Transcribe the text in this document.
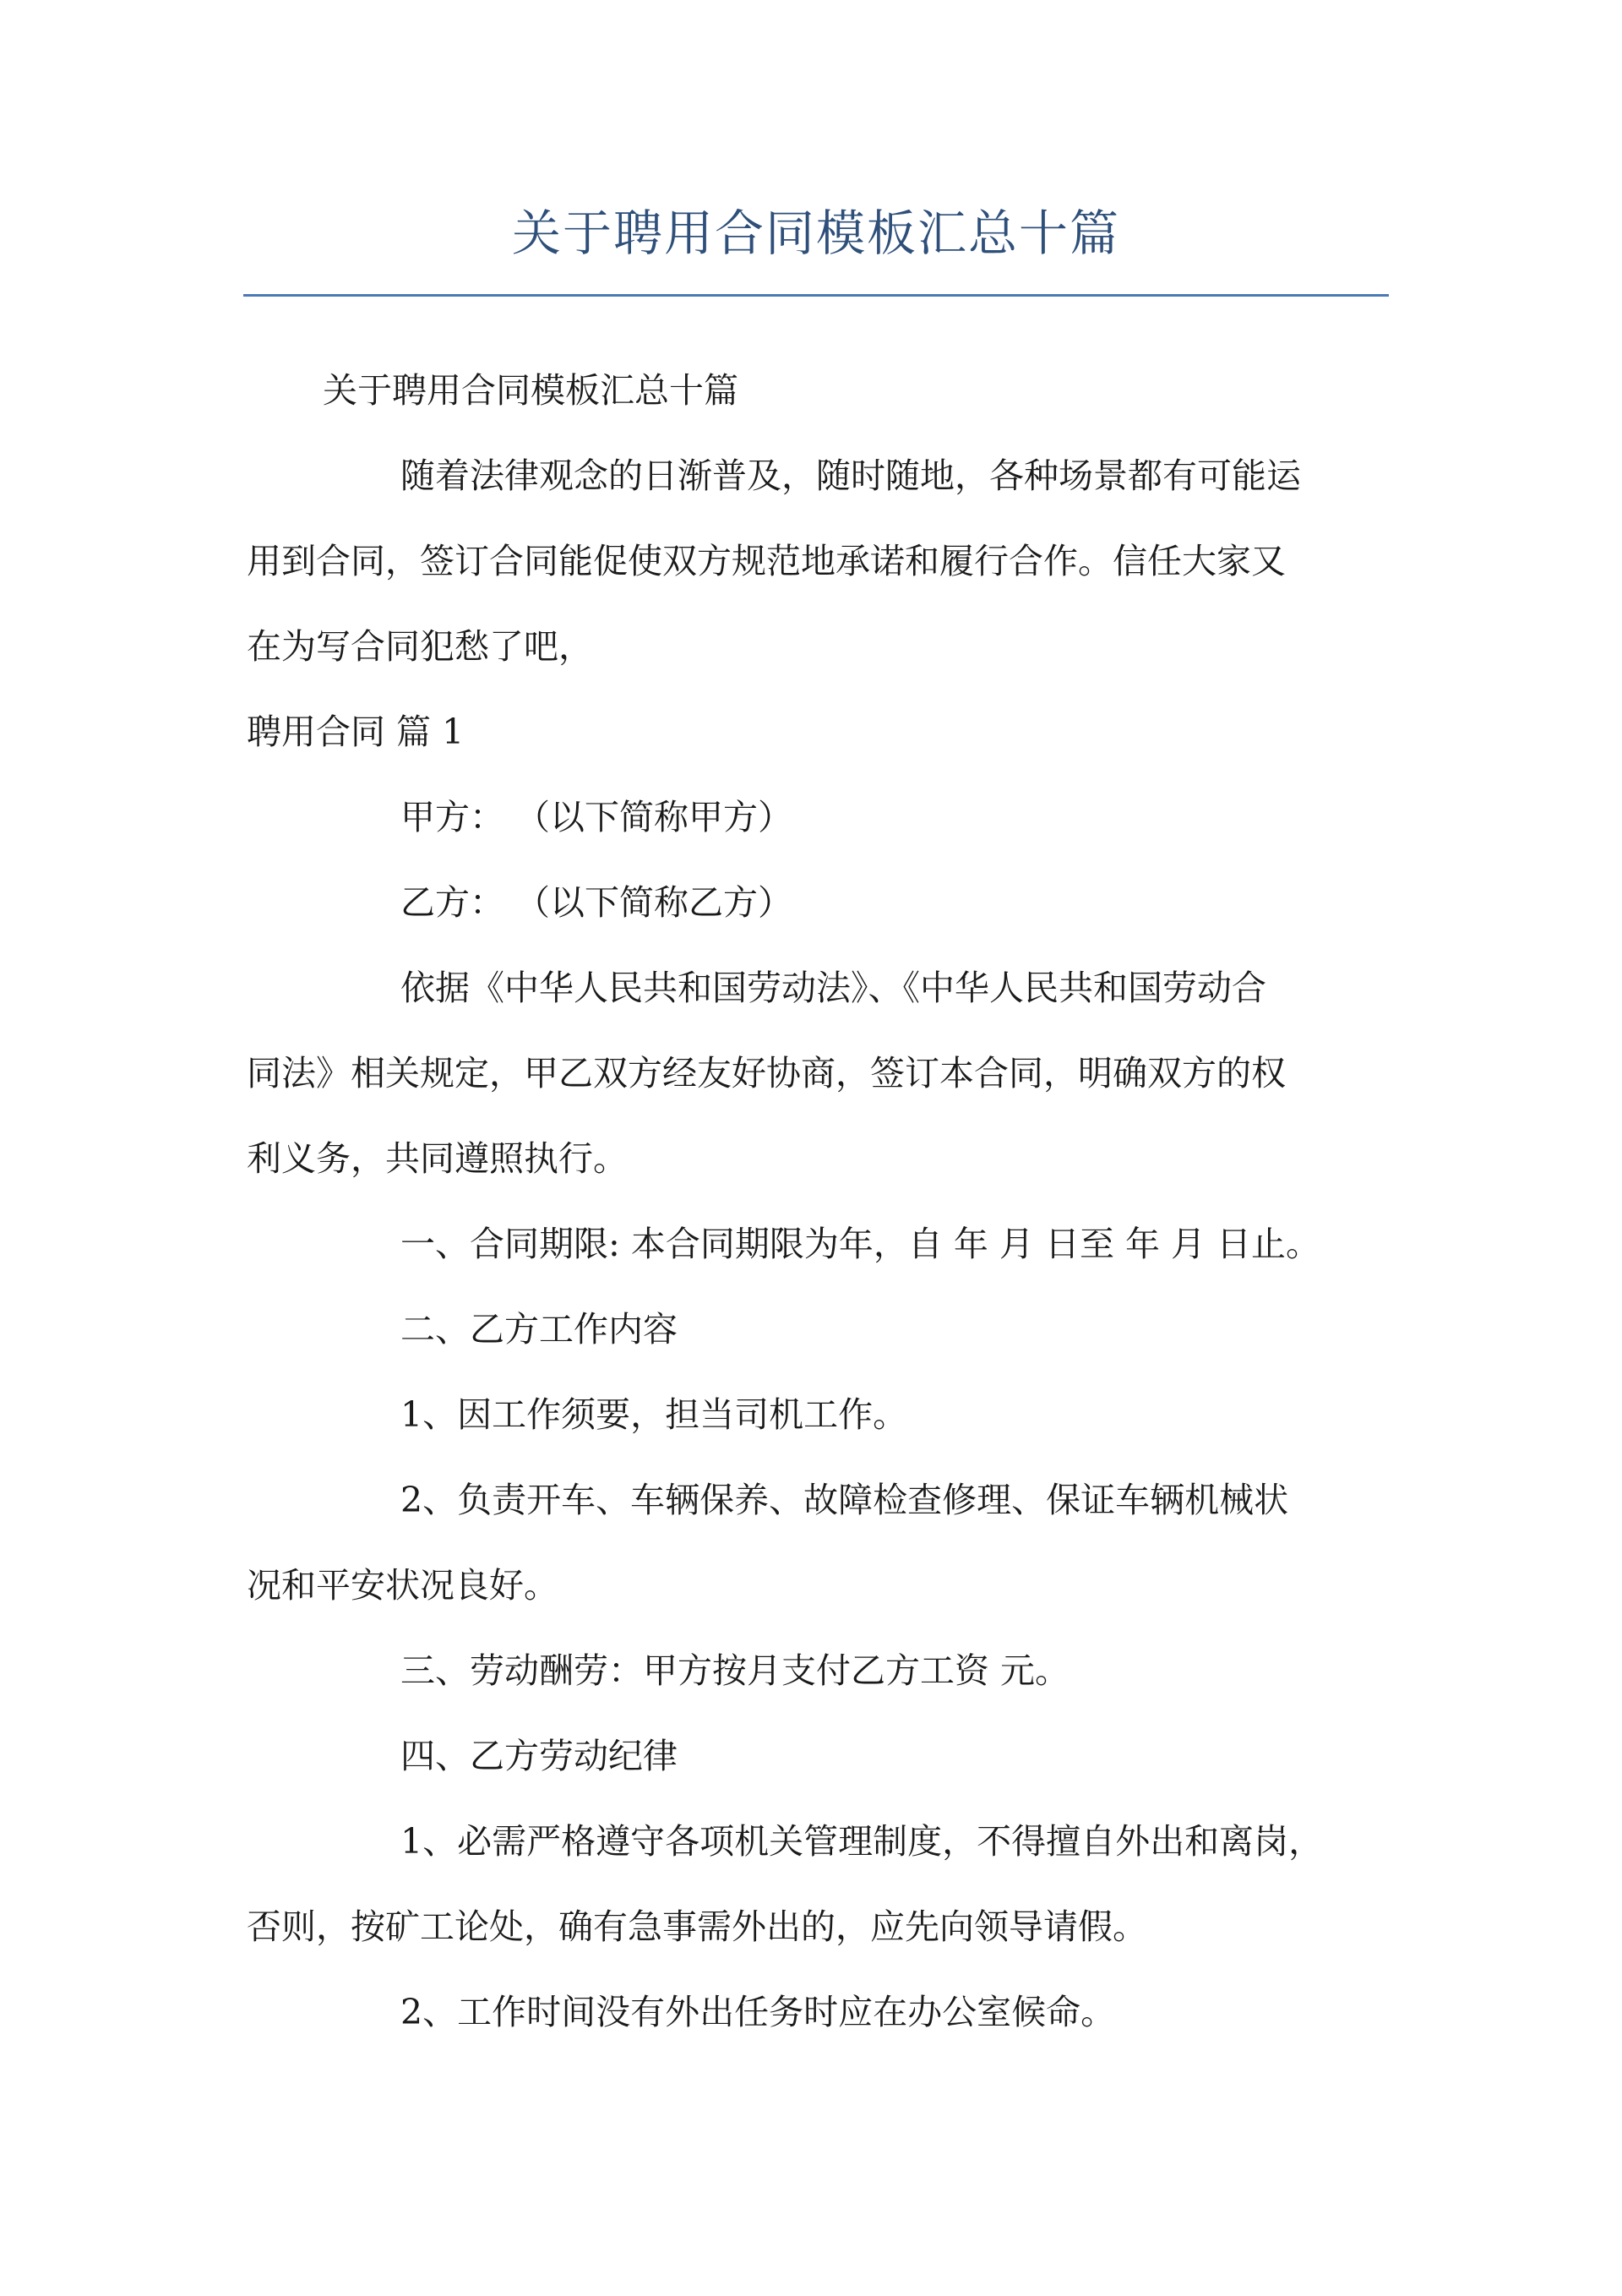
关于聘用合同模板汇总十篇

关于聘用合同模板汇总十篇

随着法律观念的日渐普及，随时随地，各种场景都有可能运

用到合同，签订合同能促使双方规范地承诺和履行合作。信任大家又

在为写合同犯愁了吧，

聘用合同 篇 1

甲方： （以下简称甲方）

乙方： （以下简称乙方）

依据《中华人民共和国劳动法》、《中华人民共和国劳动合

同法》相关规定，甲乙双方经友好协商，签订本合同，明确双方的权

利义务，共同遵照执行。

一、合同期限: 本合同期限为年，自 年 月 日至 年 月 日止。

二、乙方工作内容

1、因工作须要，担当司机工作。

2、负责开车、车辆保养、故障检查修理、保证车辆机械状

况和平安状况良好。

三、劳动酬劳：甲方按月支付乙方工资 元。

四、乙方劳动纪律

1、必需严格遵守各项机关管理制度，不得擅自外出和离岗，

否则，按矿工论处，确有急事需外出的，应先向领导请假。

2、工作时间没有外出任务时应在办公室候命。
